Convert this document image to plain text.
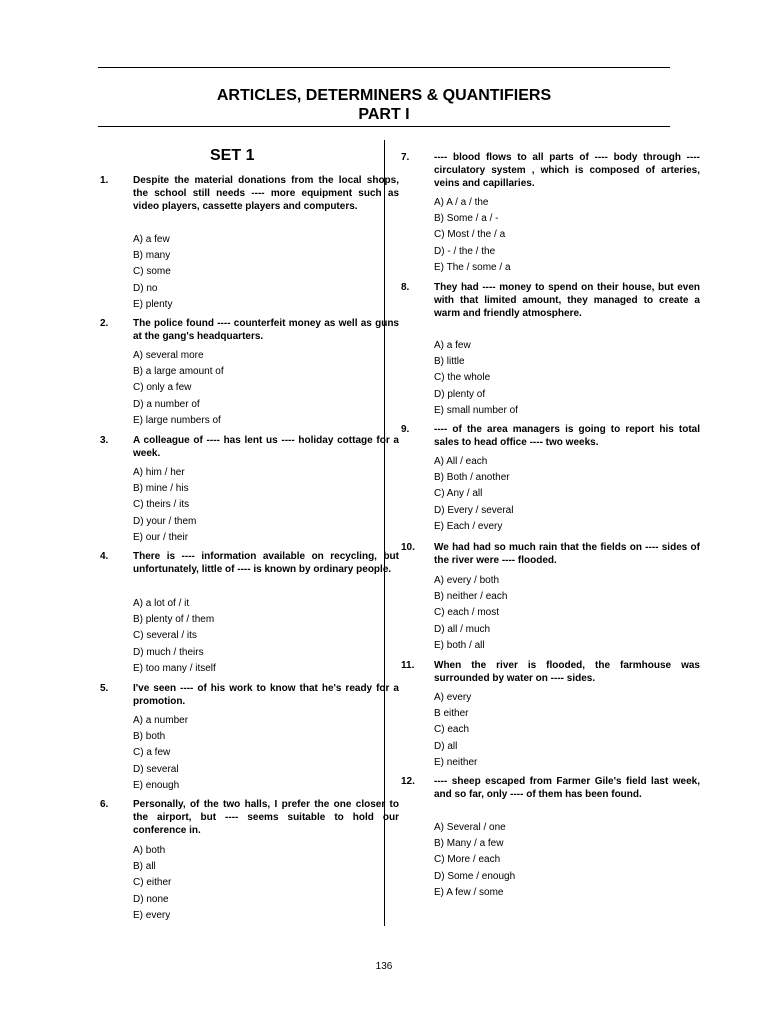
ARTICLES, DETERMINERS & QUANTIFIERS
PART I
SET 1
1. Despite the material donations from the local shops, the school still needs ---- more equipment such as video players, cassette players and computers.
A) a few
B) many
C) some
D) no
E) plenty
2. The police found ---- counterfeit money as well as guns at the gang's headquarters.
A) several more
B) a large amount of
C) only a few
D) a number of
E) large numbers of
3. A colleague of ---- has lent us ---- holiday cottage for a week.
A) him / her
B) mine / his
C) theirs / its
D) your / them
E) our / their
4. There is ---- information available on recycling, but unfortunately, little of ---- is known by ordinary people.
A) a lot of / it
B) plenty of / them
C) several / its
D) much / theirs
E) too many / itself
5. I've seen ---- of his work to know that he's ready for a promotion.
A) a number
B) both
C) a few
D) several
E) enough
6. Personally, of the two halls, I prefer the one closer to the airport, but ---- seems suitable to hold our conference in.
A) both
B) all
C) either
D) none
E) every
7. ---- blood flows to all parts of ---- body through ---- circulatory system , which is composed of arteries, veins and capillaries.
A) A / a / the
B) Some / a / -
C) Most / the / a
D) - / the / the
E) The / some / a
8. They had ---- money to spend on their house, but even with that limited amount, they managed to create a warm and friendly atmosphere.
A) a few
B) little
C) the whole
D) plenty of
E) small number of
9. ---- of the area managers is going to report his total sales to head office ---- two weeks.
A) All / each
B) Both / another
C) Any / all
D) Every / several
E) Each / every
10. We had had so much rain that the fields on ---- sides of the river were ---- flooded.
A) every / both
B) neither / each
C) each / most
D) all / much
E) both / all
11. When the river is flooded, the farmhouse was surrounded by water on ---- sides.
A) every
B either
C) each
D) all
E) neither
12. ---- sheep escaped from Farmer Gile's field last week, and so far, only ---- of them has been found.
A) Several / one
B) Many / a few
C) More / each
D) Some / enough
E) A few / some
136
